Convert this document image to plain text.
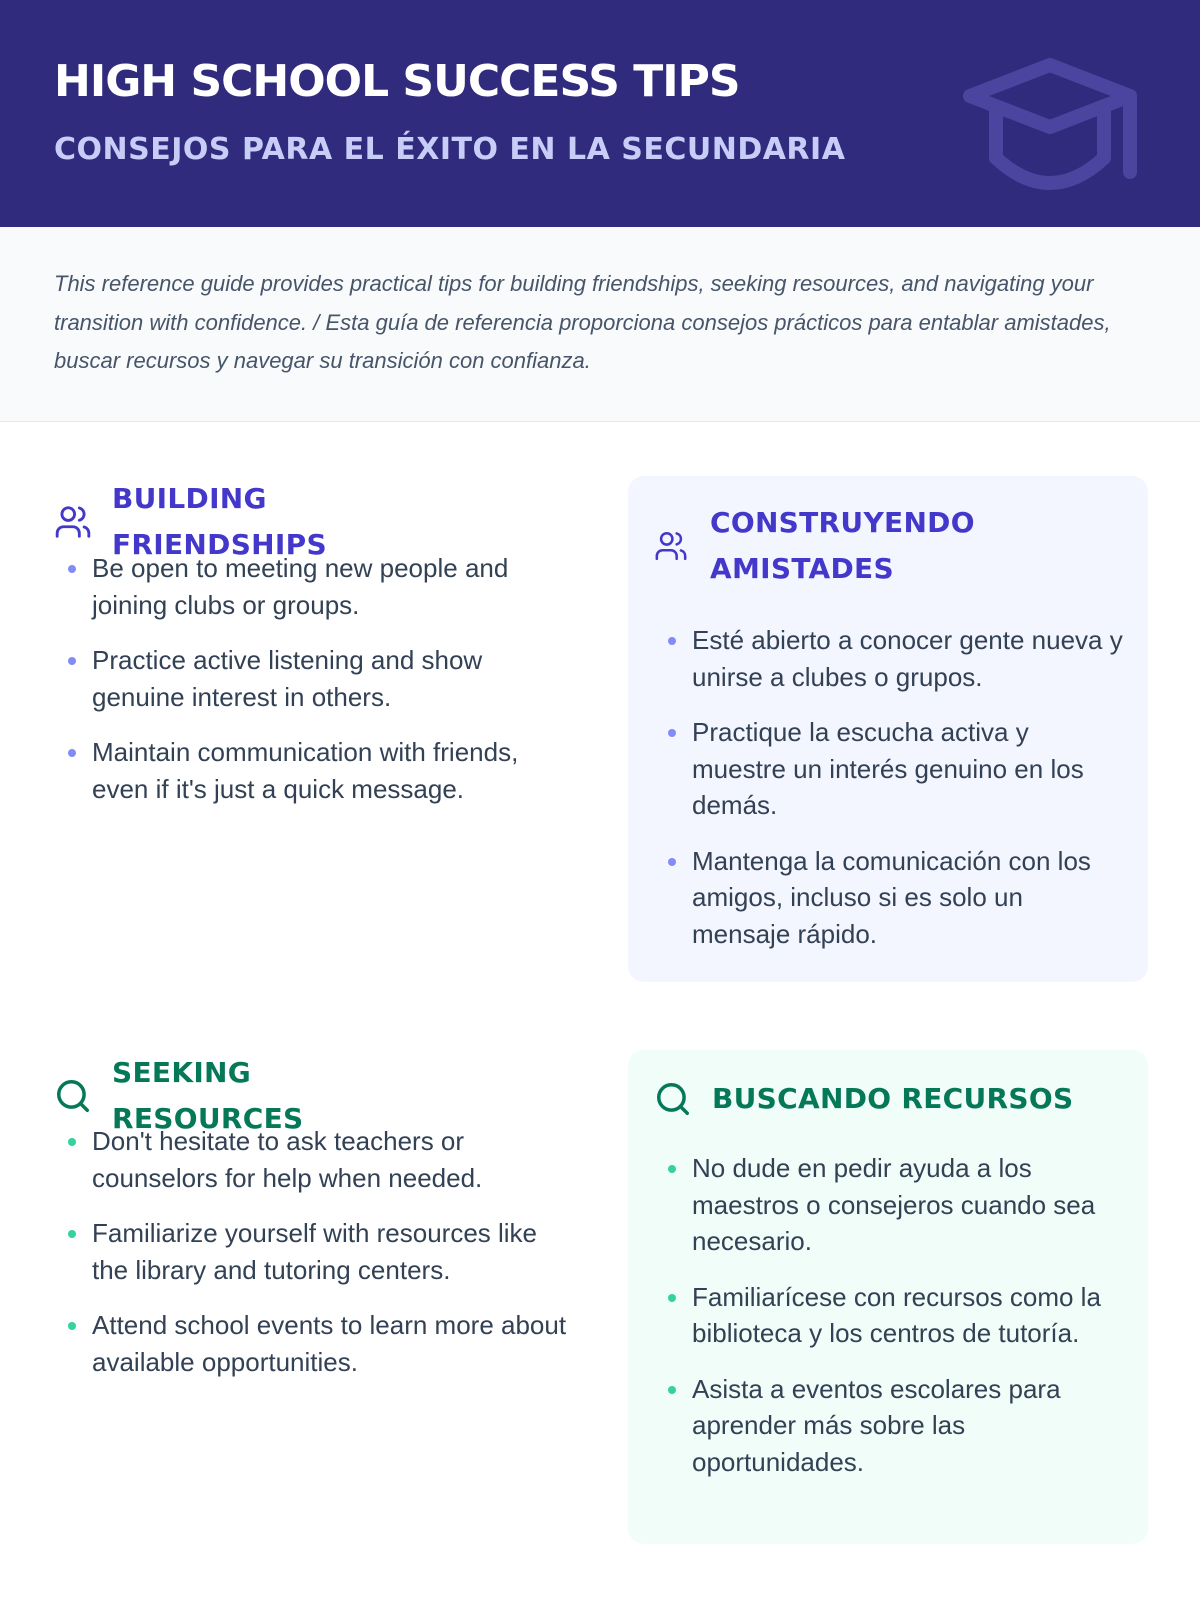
HIGH SCHOOL SUCCESS TIPS
CONSEJOS PARA EL ÉXITO EN LA SECUNDARIA

This reference guide provides practical tips for building friendships, seeking resources, and navigating your transition with confidence. / Esta guía de referencia proporciona consejos prácticos para entablar amistades, buscar recursos y navegar su transición con confianza.

BUILDING FRIENDSHIPS
Be open to meeting new people and joining clubs or groups.
Practice active listening and show genuine interest in others.
Maintain communication with friends, even if it's just a quick message.
CONSTRUYENDO AMISTADES
Esté abierto a conocer gente nueva y unirse a clubes o grupos.
Practique la escucha activa y muestre un interés genuino en los demás.
Mantenga la comunicación con los amigos, incluso si es solo un mensaje rápido.
SEEKING RESOURCES
Don't hesitate to ask teachers or counselors for help when needed.
Familiarize yourself with resources like the library and tutoring centers.
Attend school events to learn more about available opportunities.
BUSCANDO RECURSOS
No dude en pedir ayuda a los maestros o consejeros cuando sea necesario.
Familiarícese con recursos como la biblioteca y los centros de tutoría.
Asista a eventos escolares para aprender más sobre las oportunidades.
